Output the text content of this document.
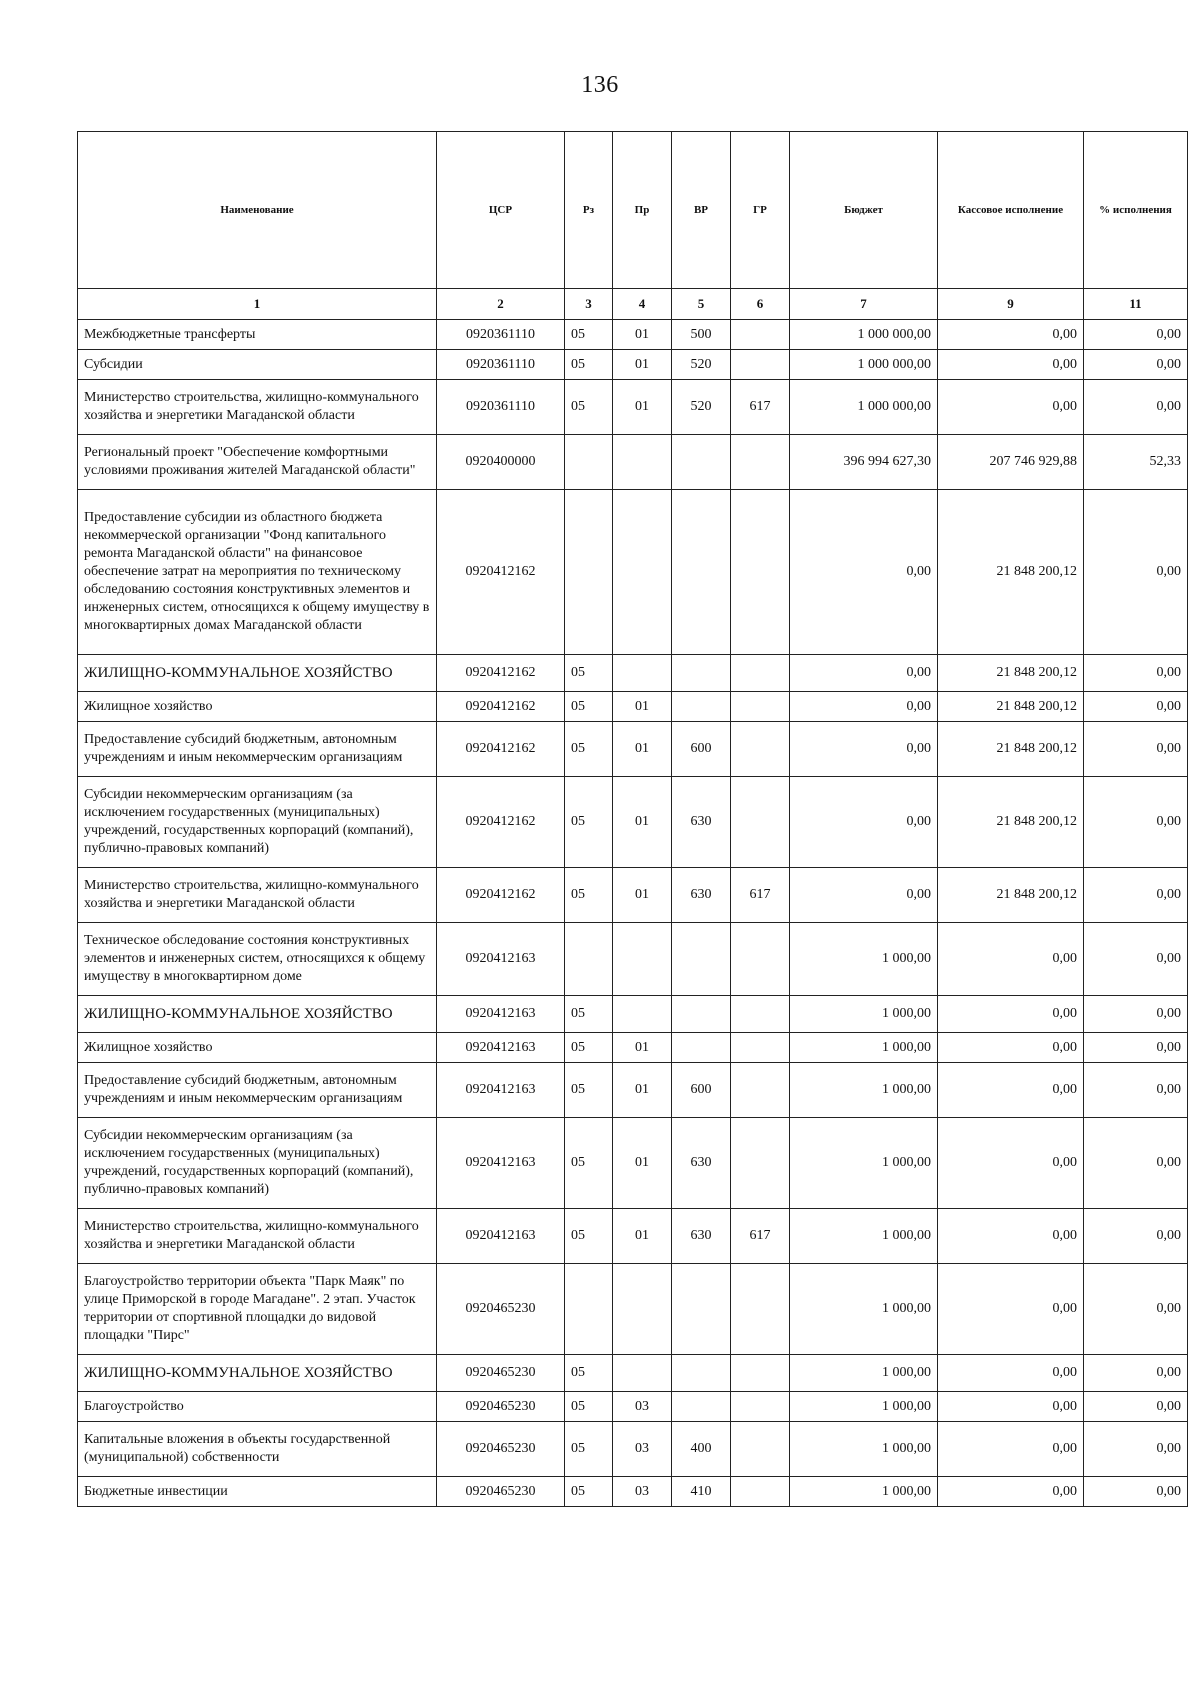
136
Наименование	ЦСР	Рз	Пр	ВР	ГР	Бюджет	Кассовое исполнение	% исполнения
1	2	3	4	5	6	7	9	11
Межбюджетные трансферты	0920361110	05	01	500		1 000 000,00	0,00	0,00
Субсидии	0920361110	05	01	520		1 000 000,00	0,00	0,00
Министерство строительства, жилищно-коммунального хозяйства и энергетики Магаданской области	0920361110	05	01	520	617	1 000 000,00	0,00	0,00
Региональный проект "Обеспечение комфортными условиями проживания жителей Магаданской области"	0920400000					396 994 627,30	207 746 929,88	52,33
Предоставление субсидии из областного бюджета некоммерческой организации "Фонд капитального ремонта Магаданской области" на финансовое обеспечение затрат на мероприятия по техническому обследованию состояния конструктивных элементов и инженерных систем, относящихся к общему имуществу в многоквартирных домах Магаданской области	0920412162					0,00	21 848 200,12	0,00
ЖИЛИЩНО-КОММУНАЛЬНОЕ ХОЗЯЙСТВО	0920412162	05				0,00	21 848 200,12	0,00
Жилищное хозяйство	0920412162	05	01			0,00	21 848 200,12	0,00
Предоставление субсидий бюджетным, автономным учреждениям и иным некоммерческим организациям	0920412162	05	01	600		0,00	21 848 200,12	0,00
Субсидии некоммерческим организациям (за исключением государственных (муниципальных) учреждений, государственных корпораций (компаний), публично-правовых компаний)	0920412162	05	01	630		0,00	21 848 200,12	0,00
Министерство строительства, жилищно-коммунального хозяйства и энергетики Магаданской области	0920412162	05	01	630	617	0,00	21 848 200,12	0,00
Техническое обследование состояния конструктивных элементов и инженерных систем, относящихся к общему имуществу в многоквартирном доме	0920412163					1 000,00	0,00	0,00
ЖИЛИЩНО-КОММУНАЛЬНОЕ ХОЗЯЙСТВО	0920412163	05				1 000,00	0,00	0,00
Жилищное хозяйство	0920412163	05	01			1 000,00	0,00	0,00
Предоставление субсидий бюджетным, автономным учреждениям и иным некоммерческим организациям	0920412163	05	01	600		1 000,00	0,00	0,00
Субсидии некоммерческим организациям (за исключением государственных (муниципальных) учреждений, государственных корпораций (компаний), публично-правовых компаний)	0920412163	05	01	630		1 000,00	0,00	0,00
Министерство строительства, жилищно-коммунального хозяйства и энергетики Магаданской области	0920412163	05	01	630	617	1 000,00	0,00	0,00
Благоустройство территории объекта "Парк Маяк" по улице Приморской в городе Магадане". 2 этап. Участок территории от спортивной площадки до видовой площадки "Пирс"	0920465230					1 000,00	0,00	0,00
ЖИЛИЩНО-КОММУНАЛЬНОЕ ХОЗЯЙСТВО	0920465230	05				1 000,00	0,00	0,00
Благоустройство	0920465230	05	03			1 000,00	0,00	0,00
Капитальные вложения в объекты государственной (муниципальной) собственности	0920465230	05	03	400		1 000,00	0,00	0,00
Бюджетные инвестиции	0920465230	05	03	410		1 000,00	0,00	0,00
